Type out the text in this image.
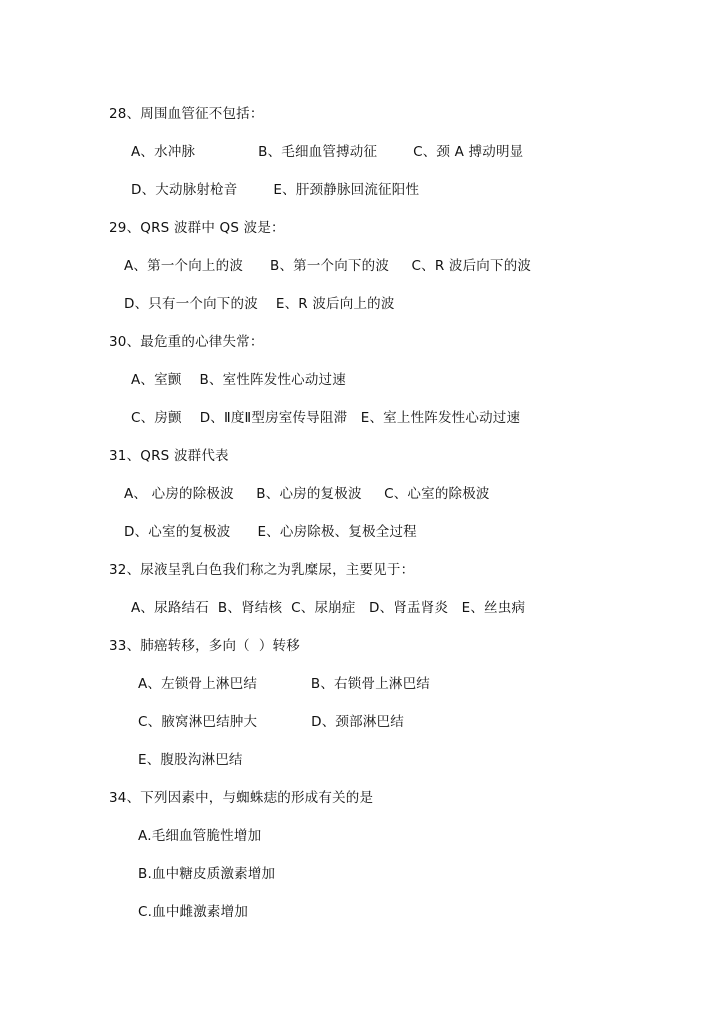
28、周围血管征不包括：
A、水冲脉              B、毛细血管搏动征        C、颈 A 搏动明显
D、大动脉射枪音        E、肝颈静脉回流征阳性
29、QRS 波群中 QS 波是：
A、第一个向上的波      B、第一个向下的波     C、R 波后向下的波
D、只有一个向下的波    E、R 波后向上的波
30、最危重的心律失常：
A、室颤    B、室性阵发性心动过速
C、房颤    D、Ⅱ度Ⅱ型房室传导阻滞   E、室上性阵发性心动过速
31、QRS 波群代表
A、 心房的除极波     B、心房的复极波     C、心室的除极波
D、心室的复极波      E、心房除极、复极全过程
32、尿液呈乳白色我们称之为乳糜尿，主要见于：
A、尿路结石  B、肾结核  C、尿崩症   D、肾盂肾炎   E、丝虫病
33、肺癌转移，多向（  ）转移
A、左锁骨上淋巴结            B、右锁骨上淋巴结
C、腋窝淋巴结肿大            D、颈部淋巴结
E、腹股沟淋巴结
34、下列因素中，与蜘蛛痣的形成有关的是
A.毛细血管脆性增加
B.血中糖皮质激素增加
C.血中雌激素增加
